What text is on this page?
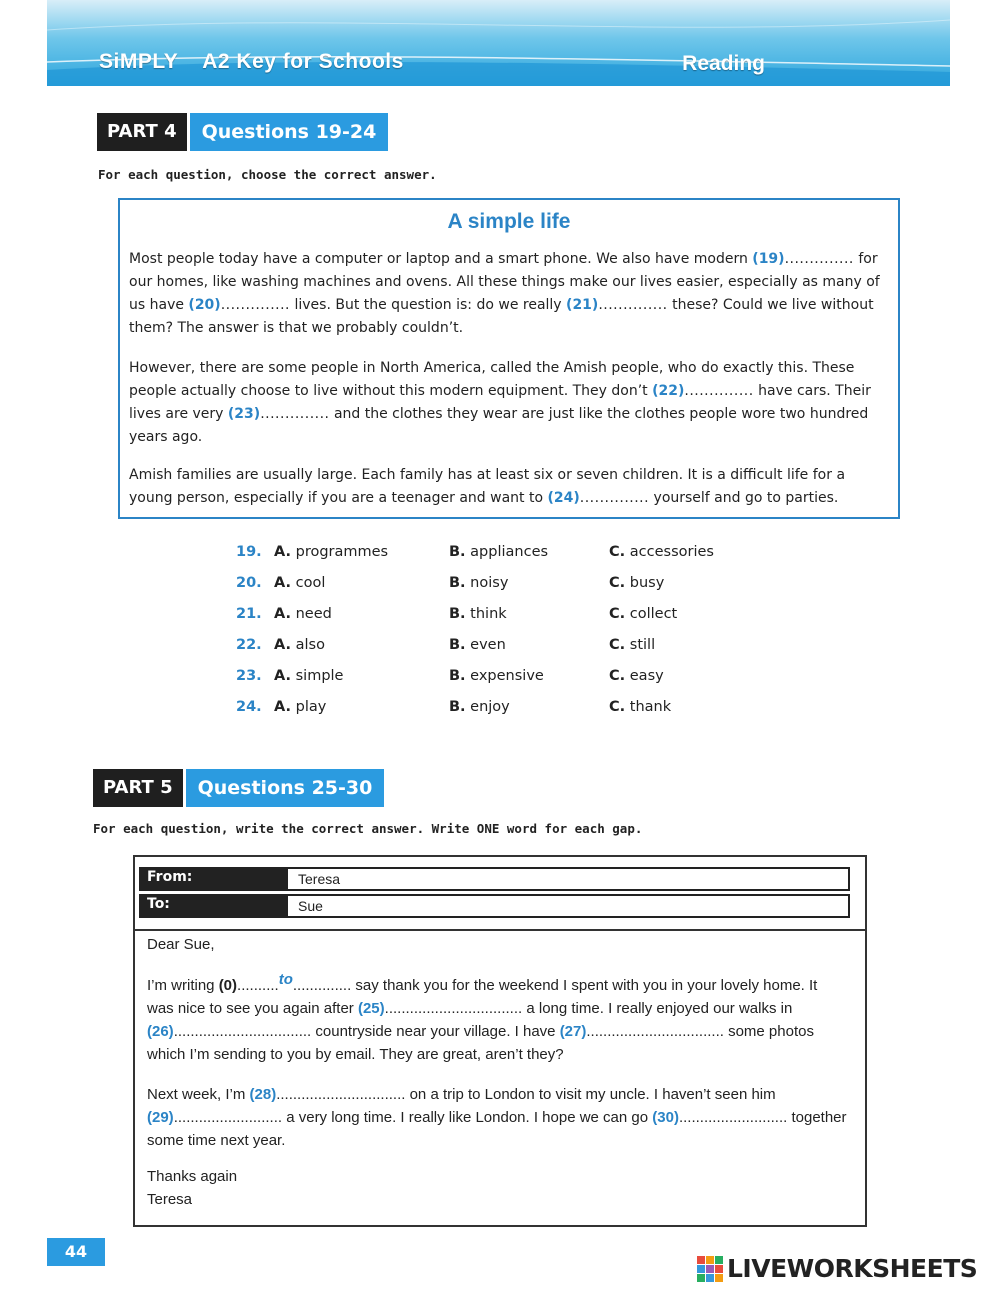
SiMPLY A2 Key for Schools	Reading
PART 4	Questions 19-24
For each question, choose the correct answer.
A simple life
Most people today have a computer or laptop and a smart phone. We also have modern (19).............. for our homes, like washing machines and ovens. All these things make our lives easier, especially as many of us have (20).............. lives. But the question is: do we really (21).............. these? Could we live without them? The answer is that we probably couldn’t.
However, there are some people in North America, called the Amish people, who do exactly this. These people actually choose to live without this modern equipment. They don’t (22).............. have cars. Their lives are very (23).............. and the clothes they wear are just like the clothes people wore two hundred years ago.
Amish families are usually large. Each family has at least six or seven children. It is a difficult life for a young person, especially if you are a teenager and want to (24).............. yourself and go to parties.
19. A. programmes	B. appliances	C. accessories
20. A. cool	B. noisy	C. busy
21. A. need	B. think	C. collect
22. A. also	B. even	C. still
23. A. simple	B. expensive	C. easy
24. A. play	B. enjoy	C. thank
PART 5	Questions 25-30
For each question, write the correct answer. Write ONE word for each gap.
From:	Teresa
To:	Sue
Dear Sue,
I’m writing (0)..........to.............. say thank you for the weekend I spent with you in your lovely home. It was nice to see you again after (25)................................. a long time. I really enjoyed our walks in (26)................................. countryside near your village. I have (27)................................. some photos which I’m sending to you by email. They are great, aren’t they?
Next week, I’m (28)............................... on a trip to London to visit my uncle. I haven’t seen him (29).......................... a very long time. I really like London. I hope we can go (30).......................... together some time next year.
Thanks again
Teresa
44
LIVEWORKSHEETS
